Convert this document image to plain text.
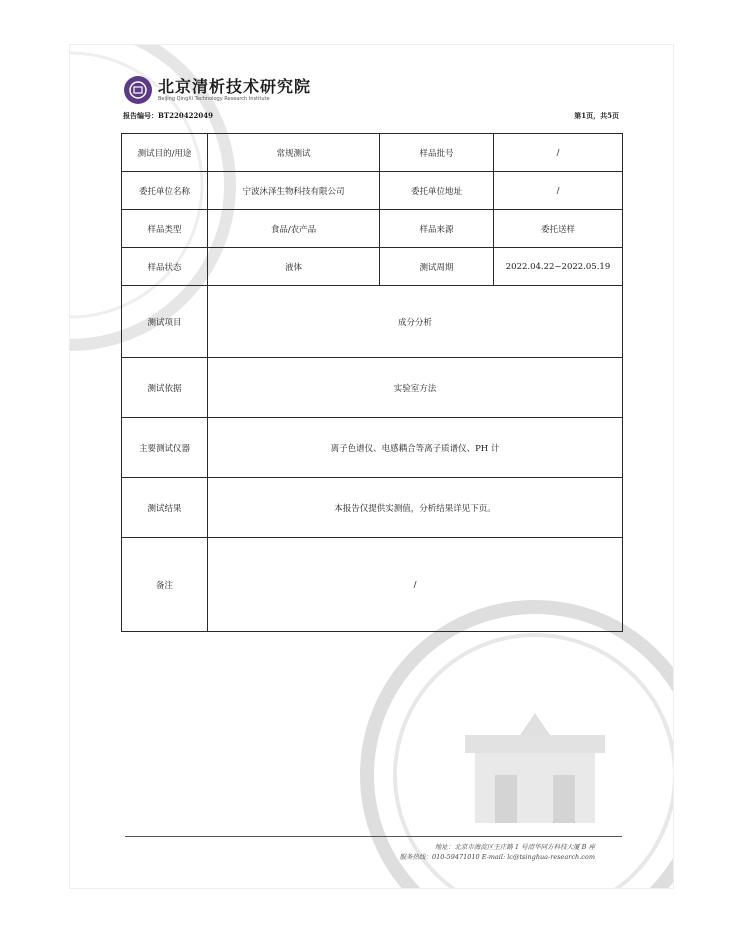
北京清析技术研究院
Beijing QingXi Technology Research Institute
报告编号：BT220422049	第1页，共5页
测试目的/用途	常规测试	样品批号	/
委托单位名称	宁波沐泽生物科技有限公司	委托单位地址	/
样品类型	食品/农产品	样品来源	委托送样
样品状态	液体	测试周期	2022.04.22~2022.05.19
测试项目	成分分析		
测试依据	实验室方法		
主要测试仪器	离子色谱仪、电感耦合等离子质谱仪、PH 计		
测试结果	本报告仅提供实测值，分析结果详见下页。		
备注	/		
地址：北京市海淀区王庄路 1 号清华同方科技大厦 B 座
服务热线：010-59471010 E-mail: lc@tsinghua-research.com
